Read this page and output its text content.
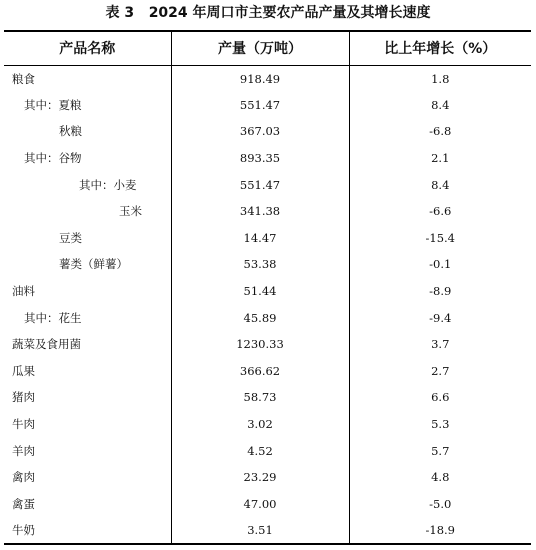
表 3   2024 年周口市主要农产品产量及其增长速度
产品名称	产量（万吨）	比上年增长（%）
粮食	918.49	1.8
其中：夏粮	551.47	8.4
秋粮	367.03	-6.8
其中：谷物	893.35	2.1
其中：小麦	551.47	8.4
玉米	341.38	-6.6
豆类	14.47	-15.4
薯类（鲜薯）	53.38	-0.1
油料	51.44	-8.9
其中：花生	45.89	-9.4
蔬菜及食用菌	1230.33	3.7
瓜果	366.62	2.7
猪肉	58.73	6.6
牛肉	3.02	5.3
羊肉	4.52	5.7
禽肉	23.29	4.8
禽蛋	47.00	-5.0
牛奶	3.51	-18.9
